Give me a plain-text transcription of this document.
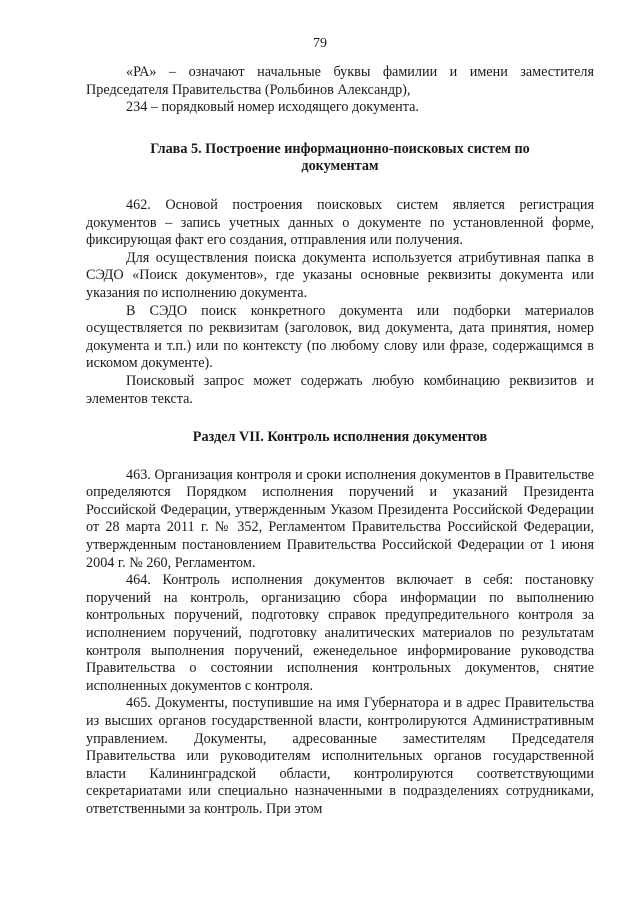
79

«РА» – означают начальные буквы фамилии и имени заместителя Председателя Правительства (Рольбинов Александр),

234 – порядковый номер исходящего документа.

Глава 5. Построение информационно-поисковых систем по документам

462. Основой построения поисковых систем является регистрация документов – запись учетных данных о документе по установленной форме, фиксирующая факт его создания, отправления или получения.

Для осуществления поиска документа используется атрибутивная папка в СЭДО «Поиск документов», где указаны основные реквизиты документа или указания по исполнению документа.

В СЭДО поиск конкретного документа или подборки материалов осуществляется по реквизитам (заголовок, вид документа, дата принятия, номер документа и т.п.) или по контексту (по любому слову или фразе, содержащимся в искомом документе).

Поисковый запрос может содержать любую комбинацию реквизитов и элементов текста.

Раздел VII. Контроль исполнения документов

463. Организация контроля и сроки исполнения документов в Правительстве определяются Порядком исполнения поручений и указаний Президента Российской Федерации, утвержденным Указом Президента Российской Федерации от 28 марта 2011 г. № 352, Регламентом Правительства Российской Федерации, утвержденным постановлением Правительства Российской Федерации от 1 июня 2004 г. № 260, Регламентом.

464. Контроль исполнения документов включает в себя: постановку поручений на контроль, организацию сбора информации по выполнению контрольных поручений, подготовку справок предупредительного контроля за исполнением поручений, подготовку аналитических материалов по результатам контроля выполнения поручений, еженедельное информирование руководства Правительства о состоянии исполнения контрольных документов, снятие исполненных документов с контроля.

465. Документы, поступившие на имя Губернатора и в адрес Правительства из высших органов государственной власти, контролируются Административным управлением. Документы, адресованные заместителям Председателя Правительства или руководителям исполнительных органов государственной власти Калининградской области, контролируются соответствующими секретариатами или специально назначенными в подразделениях сотрудниками, ответственными за контроль. При этом
